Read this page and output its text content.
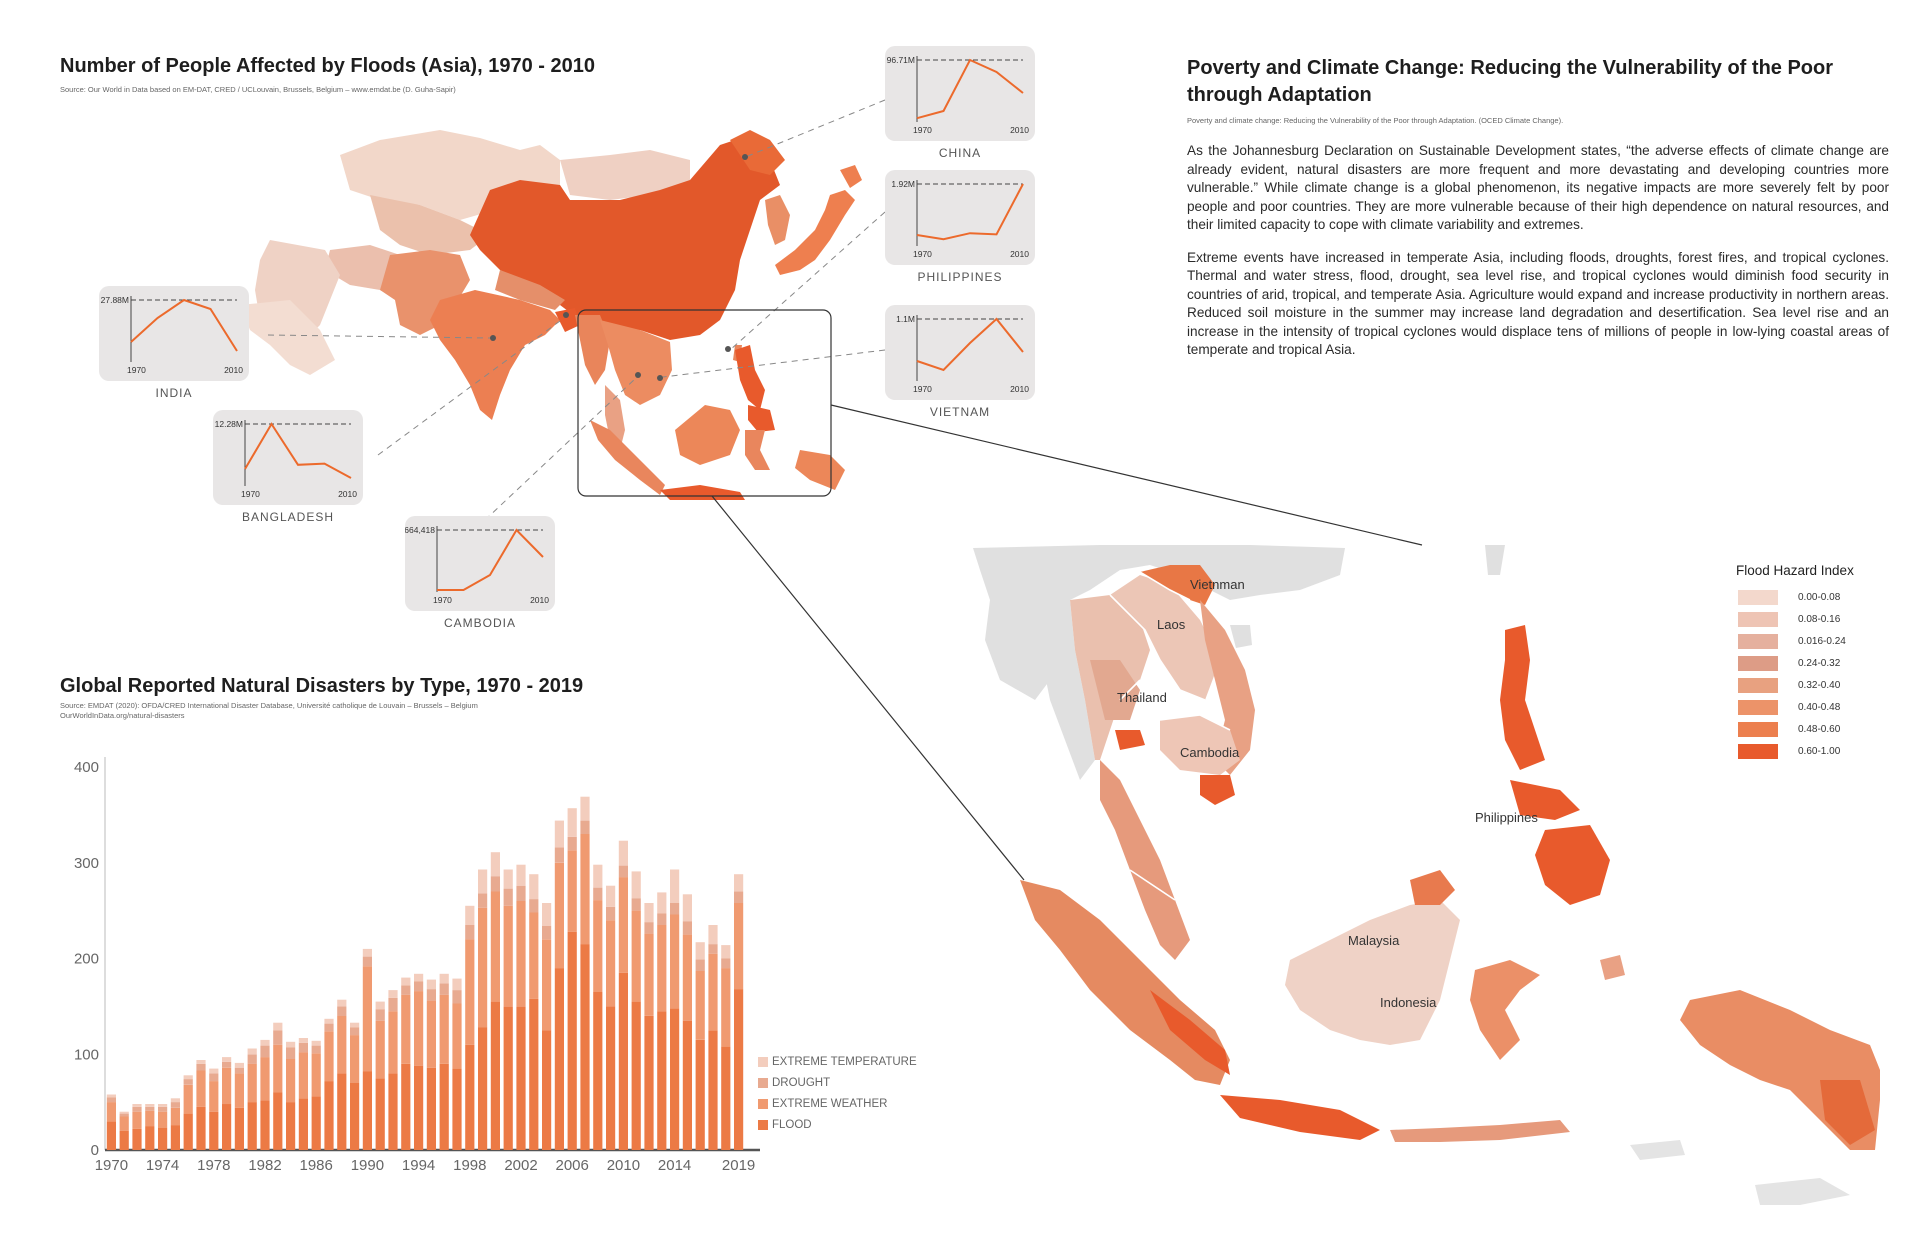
Number of People Affected by Floods (Asia), 1970 - 2010
Source: Our World in Data based on EM-DAT, CRED / UCLouvain, Brussels, Belgium – www.emdat.be (D. Guha-Sapir)
27.88M
1970	2010
INDIA
12.28M
1970	2010
BANGLADESH
664,418
1970	2010
CAMBODIA
96.71M
1970	2010
CHINA
1.92M
1970	2010
PHILIPPINES
1.1M
1970	2010
VIETNAM
Poverty and Climate Change: Reducing the Vulnerability of the Poor
through Adaptation
Poverty and climate change: Reducing the Vulnerability of the Poor through Adaptation. (OCED Climate Change).

As the Johannesburg Declaration on Sustainable Development states, “the adverse effects of climate change are already evident, natural disasters are more frequent and more devastating and developing countries more vulnerable.” While climate change is a global phenomenon, its negative impacts are more severely felt by poor people and poor countries. They are more vulnerable because of their high dependence on natural resources, and their limited capacity to cope with climate variability and extremes.

Extreme events have increased in temperate Asia, including floods, droughts, forest fires, and tropical cyclones. Thermal and water stress, flood, drought, sea level rise, and tropical cyclones would diminish food security in countries of arid, tropical, and temperate Asia. Agriculture would expand and increase productivity in northern areas. Reduced soil moisture in the summer may increase land degradation and desertification. Sea level rise and an increase in the intensity of tropical cyclones would displace tens of millions of people in low-lying coastal areas of temperate and tropical Asia.

Vietnman
Laos
Thailand
Cambodia
Philippines
Malaysia
Indonesia
Flood Hazard Index
0.00-0.08
0.08-0.16
0.016-0.24
0.24-0.32
0.32-0.40
0.40-0.48
0.48-0.60
0.60-1.00
Global Reported Natural Disasters by Type, 1970 - 2019
Source: EMDAT (2020): OFDA/CRED International Disaster Database, Université catholique de Louvain – Brussels – Belgium
OurWorldInData.org/natural-disasters
0
100
200
300
400
1970 1974 1978 1982 1986 1990 1994 1998 2002 2006 2010 2014 2019
EXTREME TEMPERATURE
DROUGHT
EXTREME WEATHER
FLOOD
